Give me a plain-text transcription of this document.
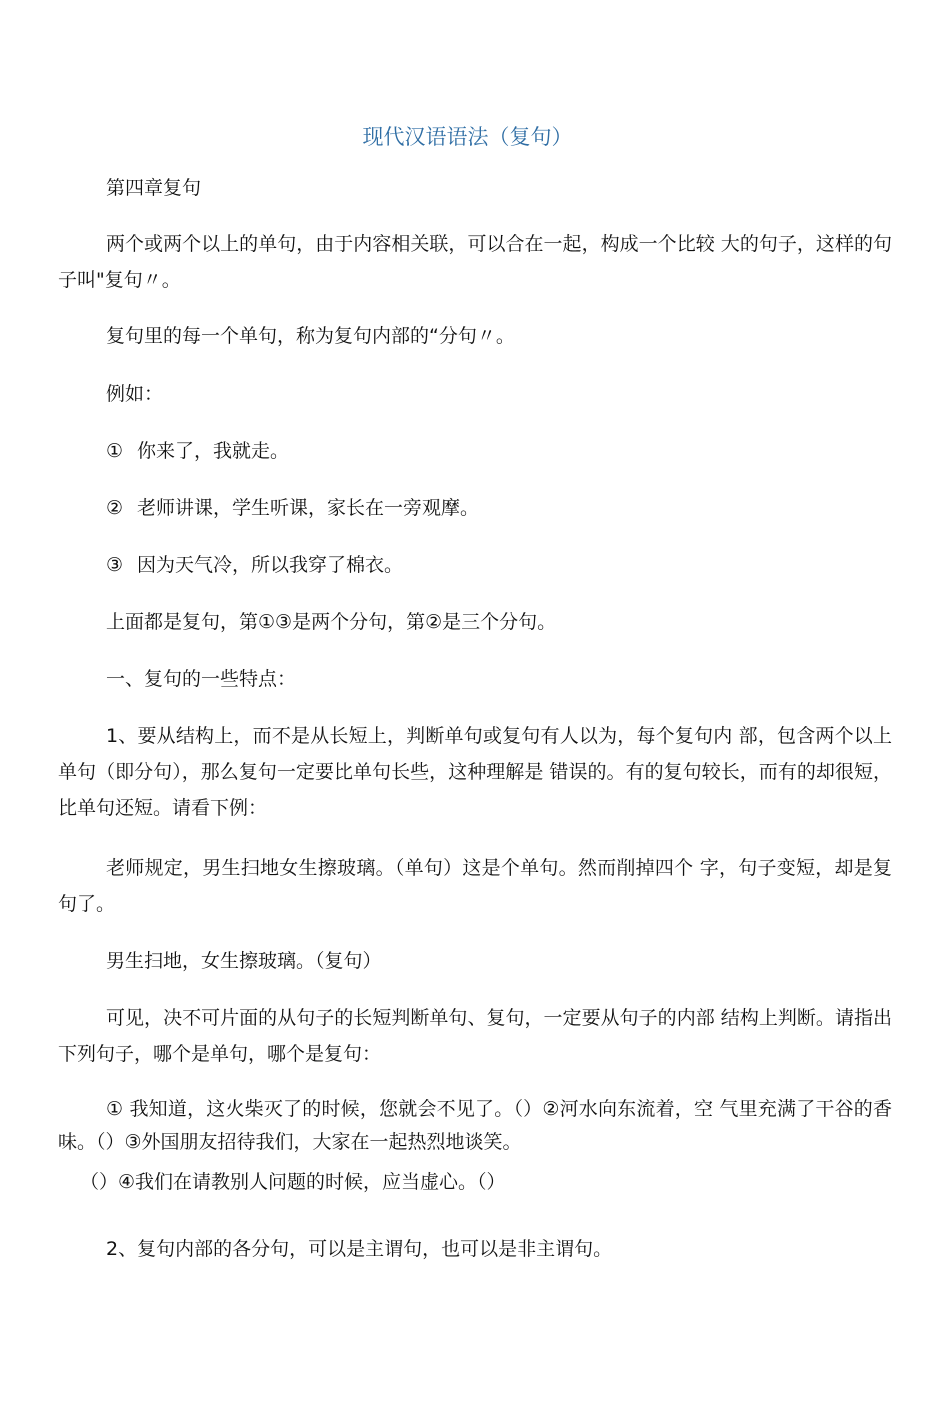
现代汉语语法（复句）

第四章复句

两个或两个以上的单句，由于内容相关联，可以合在一起，构成一个比较 大的句子，这样的句子叫"复句〃。

复句里的每一个单句，称为复句内部的“分句〃。

例如：

① 你来了，我就走。
② 老师讲课，学生听课，家长在一旁观摩。
③ 因为天气冷，所以我穿了棉衣。

上面都是复句，第①③是两个分句，第②是三个分句。

一、复句的一些特点：

1、要从结构上，而不是从长短上，判断单句或复句有人以为，每个复句内 部，包含两个以上单句（即分句），那么复句一定要比单句长些，这种理解是 错误的。有的复句较长，而有的却很短，比单句还短。请看下例：

老师规定，男生扫地女生擦玻璃。（单句）这是个单句。然而削掉四个 字，句子变短，却是复句了。

男生扫地，女生擦玻璃。（复句）

可见，决不可片面的从句子的长短判断单句、复句，一定要从句子的内部 结构上判断。请指出下列句子，哪个是单句，哪个是复句：

① 我知道，这火柴灭了的时候，您就会不见了。（）②河水向东流着，空 气里充满了干谷的香味。（）③外国朋友招待我们，大家在一起热烈地谈笑。

（）④我们在请教别人问题的时候，应当虚心。（）

2、复句内部的各分句，可以是主谓句，也可以是非主谓句。
